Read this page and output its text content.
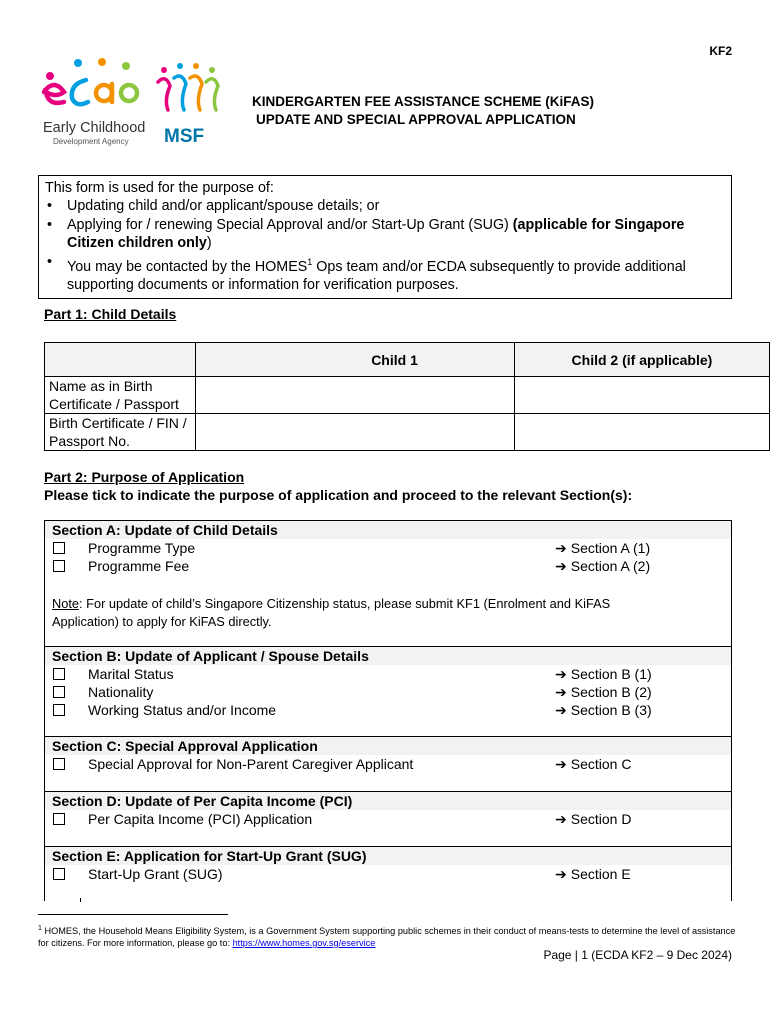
KF2
Early Childhood
Development Agency MSF
KINDERGARTEN FEE ASSISTANCE SCHEME (KiFAS)
UPDATE AND SPECIAL APPROVAL APPLICATION
This form is used for the purpose of:
• Updating child and/or applicant/spouse details; or
• Applying for / renewing Special Approval and/or Start-Up Grant (SUG) (applicable for Singapore Citizen children only)
• You may be contacted by the HOMES$^1$ Ops team and/or ECDA subsequently to provide additional supporting documents or information for verification purposes.
Part 1: Child Details
	Child 1	Child 2 (if applicable)
Name as in Birth Certificate / Passport		
Birth Certificate / FIN / Passport No.		
Part 2: Purpose of Application
Please tick to indicate the purpose of application and proceed to the relevant Section(s):
Section A: Update of Child Details
Programme Type	➔ Section A (1)
Programme Fee	➔ Section A (2)
Note: For update of child’s Singapore Citizenship status, please submit KF1 (Enrolment and KiFAS Application) to apply for KiFAS directly.
Section B: Update of Applicant / Spouse Details
Marital Status	➔ Section B (1)
Nationality	➔ Section B (2)
Working Status and/or Income	➔ Section B (3)
Section C: Special Approval Application
Special Approval for Non-Parent Caregiver Applicant	➔ Section C
Section D: Update of Per Capita Income (PCI)
Per Capita Income (PCI) Application	➔ Section D
Section E: Application for Start-Up Grant (SUG)
Start-Up Grant (SUG)	➔ Section E
$^1$ HOMES, the Household Means Eligibility System, is a Government System supporting public schemes in their conduct of means-tests to determine the level of assistance for citizens. For more information, please go to: https://www.homes.gov.sg/eservice
Page | 1 (ECDA KF2 – 9 Dec 2024)
